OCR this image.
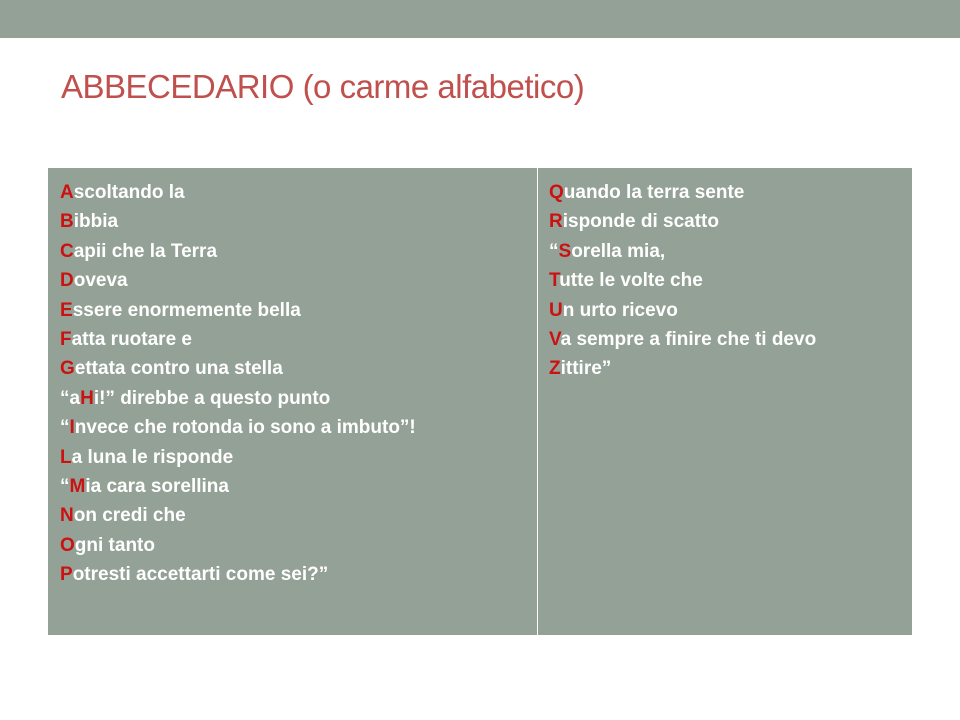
ABBECEDARIO (o carme alfabetico)
Ascoltando la
Bibbia
Capii che la Terra
Doveva
Essere enormemente bella
Fatta ruotare e
Gettata contro una stella
“aHi!” direbbe a questo punto
“Invece che rotonda io sono a imbuto”!
La luna le risponde
“Mia cara sorellina
Non credi che
Ogni tanto
Potresti accettarti come sei?”
Quando la terra sente
Risponde di scatto
“Sorella mia,
Tutte le volte che
Un urto ricevo
Va sempre a finire che ti devo
Zittire”
